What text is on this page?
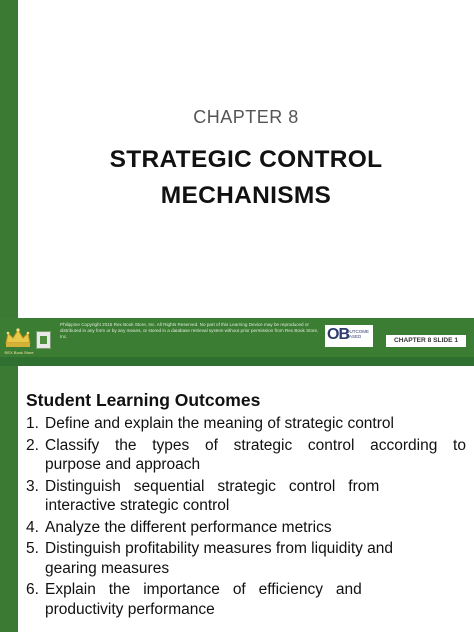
CHAPTER 8
STRATEGIC CONTROL
MECHANISMS
REX Book Store
Philippine Copyright 2015 Rex Book Store, Inc. All Rights Reserved. No part of this Learning Device may be reproduced or distributed in any form or by any means, or stored in a database retrieval system without prior permission from Rex Book Store, Inc.	OB
OUTCOME BASED
CHAPTER 8 SLIDE 1
Student Learning Outcomes
1. Define and explain the meaning of strategic control
2. Classify the types of strategic control according to
purpose and approach
3. Distinguish   sequential   strategic   control   from
interactive strategic control
4. Analyze the different performance metrics
5. Distinguish profitability measures from liquidity and
gearing measures
6. Explain   the   importance   of   efficiency   and
productivity performance
